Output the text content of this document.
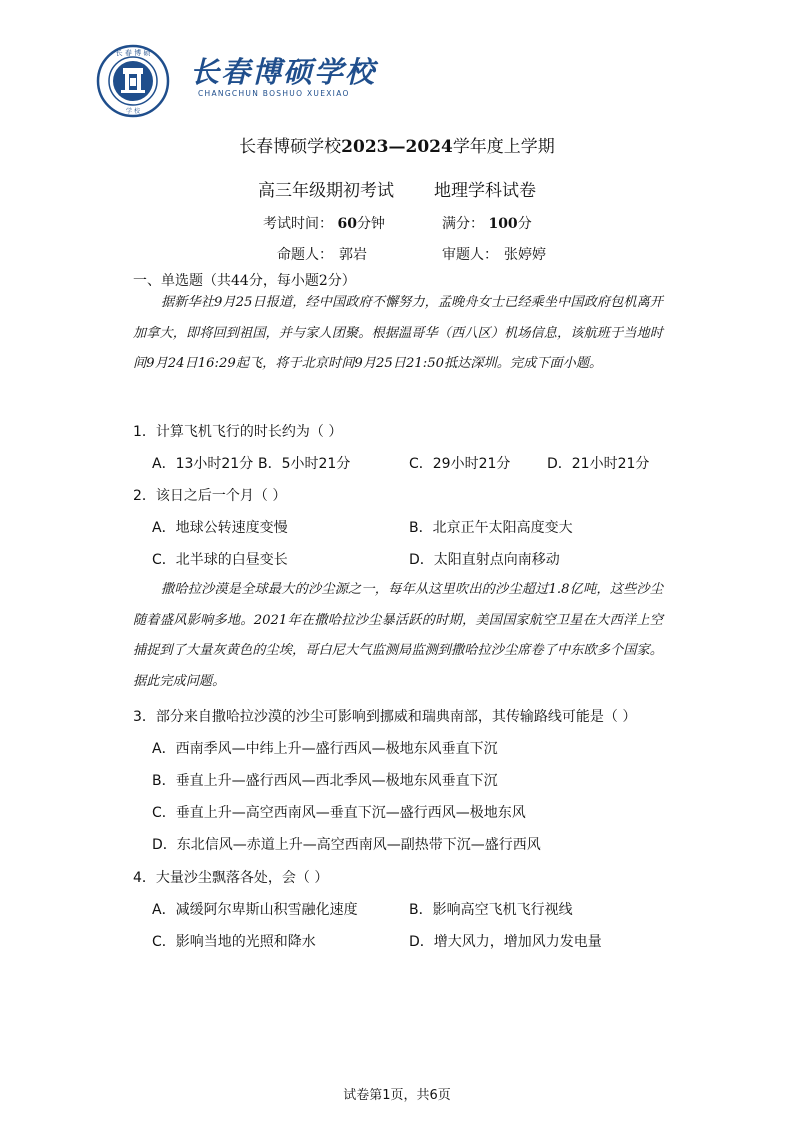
长 春 博 硕
学 校
长春博硕学校
CHANGCHUN BOSHUO XUEXIAO
长春博硕学校2023—2024学年度上学期
高三年级期初考试 地理学科试卷
考试时间： 60分钟	满分： 100分
命题人： 郭岩	审题人： 张婷婷
一、单选题（共44分，每小题2分）
据新华社9月25日报道，经中国政府不懈努力，孟晚舟女士已经乘坐中国政府包机离开加拿大，即将回到祖国，并与家人团聚。根据温哥华（西八区）机场信息，该航班于当地时间9月24日16:29起飞，将于北京时间9月25日21:50抵达深圳。完成下面小题。
1．计算飞机飞行的时长约为（ ）
A．13小时21分 B．5小时21分	C．29小时21分	D．21小时21分
2．该日之后一个月（ ）
A．地球公转速度变慢	B．北京正午太阳高度变大
C．北半球的白昼变长	D．太阳直射点向南移动
撒哈拉沙漠是全球最大的沙尘源之一，每年从这里吹出的沙尘超过1.8亿吨，这些沙尘随着盛风影响多地。2021年在撒哈拉沙尘暴活跃的时期，美国国家航空卫星在大西洋上空捕捉到了大量灰黄色的尘埃，哥白尼大气监测局监测到撒哈拉沙尘席卷了中东欧多个国家。据此完成问题。
3．部分来自撒哈拉沙漠的沙尘可影响到挪威和瑞典南部，其传输路线可能是（ ）
A．西南季风—中纬上升—盛行西风—极地东风垂直下沉
B．垂直上升—盛行西风—西北季风—极地东风垂直下沉
C．垂直上升—高空西南风—垂直下沉—盛行西风—极地东风
D．东北信风—赤道上升—高空西南风—副热带下沉—盛行西风
4．大量沙尘飘落各处，会（ ）
A．减缓阿尔卑斯山积雪融化速度	B．影响高空飞机飞行视线
C．影响当地的光照和降水	D．增大风力，增加风力发电量
试卷第1页，共6页
